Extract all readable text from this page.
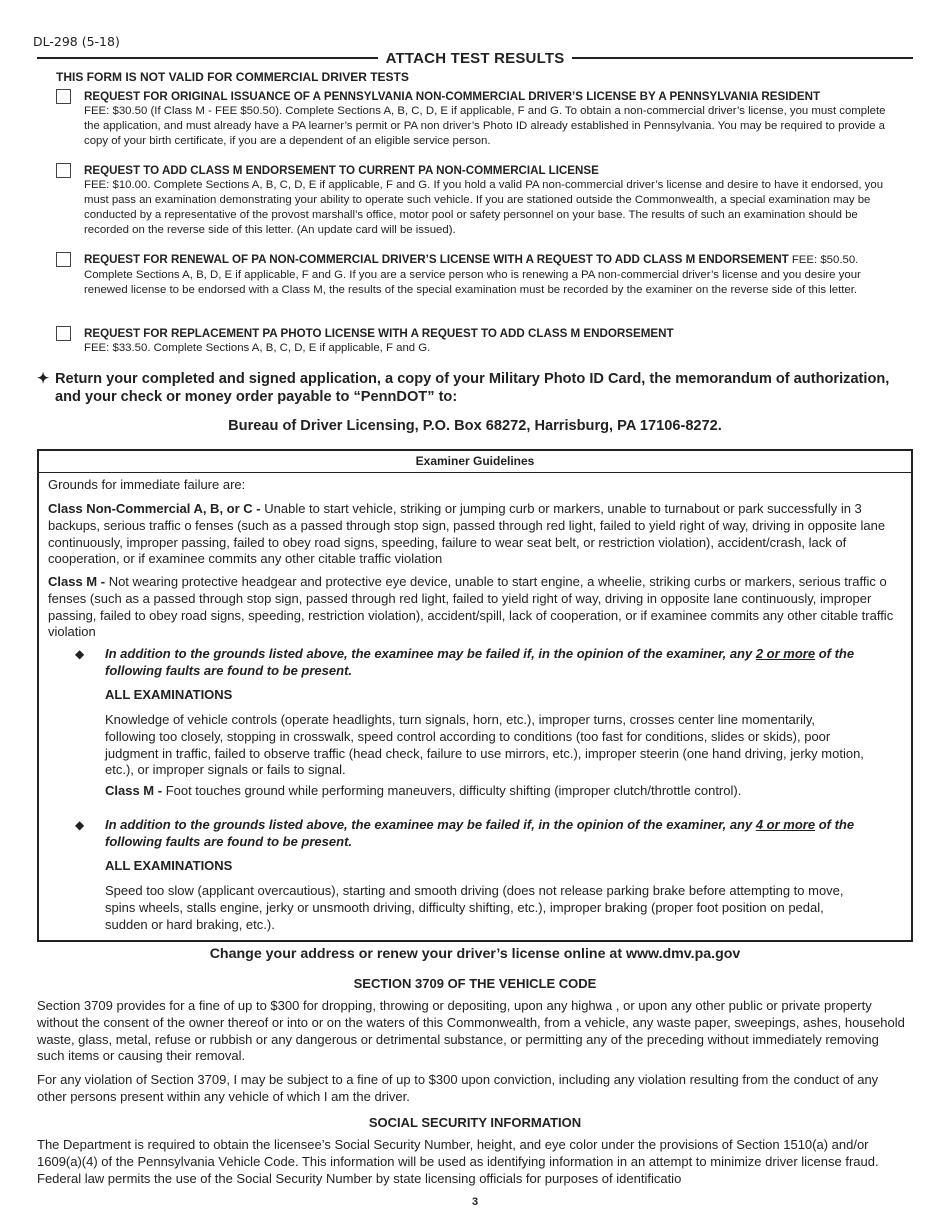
DL-298 (5-18)
ATTACH TEST RESULTS
THIS FORM IS NOT VALID FOR COMMERCIAL DRIVER TESTS
REQUEST FOR ORIGINAL ISSUANCE OF A PENNSYLVANIA NON-COMMERCIAL DRIVER’S LICENSE BY A PENNSYLVANIA RESIDENT
FEE: $30.50 (If Class M - FEE $50.50). Complete Sections A, B, C, D, E if applicable, F and G. To obtain a non-commercial driver’s license, you must complete the application, and must already have a PA learner’s permit or PA non driver’s Photo ID already established in Pennsylvania. You may be required to provide a copy of your birth certificate, if you are a dependent of an eligible service person.
REQUEST TO ADD CLASS M ENDORSEMENT TO CURRENT PA NON-COMMERCIAL LICENSE
FEE: $10.00. Complete Sections A, B, C, D, E if applicable, F and G. If you hold a valid PA non-commercial driver’s license and desire to have it endorsed, you must pass an examination demonstrating your ability to operate such vehicle. If you are stationed outside the Commonwealth, a special examination may be conducted by a representative of the provost marshall’s office, motor pool or safety personnel on your base. The results of such an examination should be recorded on the reverse side of this letter. (An update card will be issued).
REQUEST FOR RENEWAL OF PA NON-COMMERCIAL DRIVER’S LICENSE WITH A REQUEST TO ADD CLASS M ENDORSEMENT FEE: $50.50. Complete Sections A, B, D, E if applicable, F and G. If you are a service person who is renewing a PA non-commercial driver’s license and you desire your renewed license to be endorsed with a Class M, the results of the special examination must be recorded by the examiner on the reverse side of this letter.
REQUEST FOR REPLACEMENT PA PHOTO LICENSE WITH A REQUEST TO ADD CLASS M ENDORSEMENT
FEE: $33.50. Complete Sections A, B, C, D, E if applicable, F and G.
✦ Return your completed and signed application, a copy of your Military Photo ID Card, the memorandum of authorization, and your check or money order payable to “PennDOT” to:
Bureau of Driver Licensing, P.O. Box 68272, Harrisburg, PA 17106-8272.
Examiner Guidelines
Grounds for immediate failure are:
Class Non-Commercial A, B, or C - Unable to start vehicle, striking or jumping curb or markers, unable to turnabout or park successfully in 3 backups, serious traffic o fenses (such as a passed through stop sign, passed through red light, failed to yield right of way, driving in opposite lane continuously, improper passing, failed to obey road signs, speeding, failure to wear seat belt, or restriction violation), accident/crash, lack of cooperation, or if examinee commits any other citable traffic violation
Class M - Not wearing protective headgear and protective eye device, unable to start engine, a wheelie, striking curbs or markers, serious traffic o fenses (such as a passed through stop sign, passed through red light, failed to yield right of way, driving in opposite lane continuously, improper passing, failed to obey road signs, speeding, restriction violation), accident/spill, lack of cooperation, or if examinee commits any other citable traffic violation
◆ In addition to the grounds listed above, the examinee may be failed if, in the opinion of the examiner, any 2 or more of the following faults are found to be present.
ALL EXAMINATIONS
Knowledge of vehicle controls (operate headlights, turn signals, horn, etc.), improper turns, crosses center line momentarily, following too closely, stopping in crosswalk, speed control according to conditions (too fast for conditions, slides or skids), poor judgment in traffic, failed to observe traffic (head check, failure to use mirrors, etc.), improper steerin (one hand driving, jerky motion, etc.), or improper signals or fails to signal.
Class M - Foot touches ground while performing maneuvers, difficulty shifting (improper clutch/throttle control).
◆ In addition to the grounds listed above, the examinee may be failed if, in the opinion of the examiner, any 4 or more of the following faults are found to be present.
ALL EXAMINATIONS
Speed too slow (applicant overcautious), starting and smooth driving (does not release parking brake before attempting to move, spins wheels, stalls engine, jerky or unsmooth driving, difficulty shifting, etc.), improper braking (proper foot position on pedal, sudden or hard braking, etc.).
Change your address or renew your driver’s license online at www.dmv.pa.gov
SECTION 3709 OF THE VEHICLE CODE
Section 3709 provides for a fine of up to $300 for dropping, throwing or depositing, upon any highwa , or upon any other public or private property without the consent of the owner thereof or into or on the waters of this Commonwealth, from a vehicle, any waste paper, sweepings, ashes, household waste, glass, metal, refuse or rubbish or any dangerous or detrimental substance, or permitting any of the preceding without immediately removing such items or causing their removal.
For any violation of Section 3709, I may be subject to a fine of up to $300 upon conviction, including any violation resulting from the conduct of any other persons present within any vehicle of which I am the driver.
SOCIAL SECURITY INFORMATION
The Department is required to obtain the licensee’s Social Security Number, height, and eye color under the provisions of Section 1510(a) and/or 1609(a)(4) of the Pennsylvania Vehicle Code. This information will be used as identifying information in an attempt to minimize driver license fraud. Federal law permits the use of the Social Security Number by state licensing officials for purposes of identificatio
3
